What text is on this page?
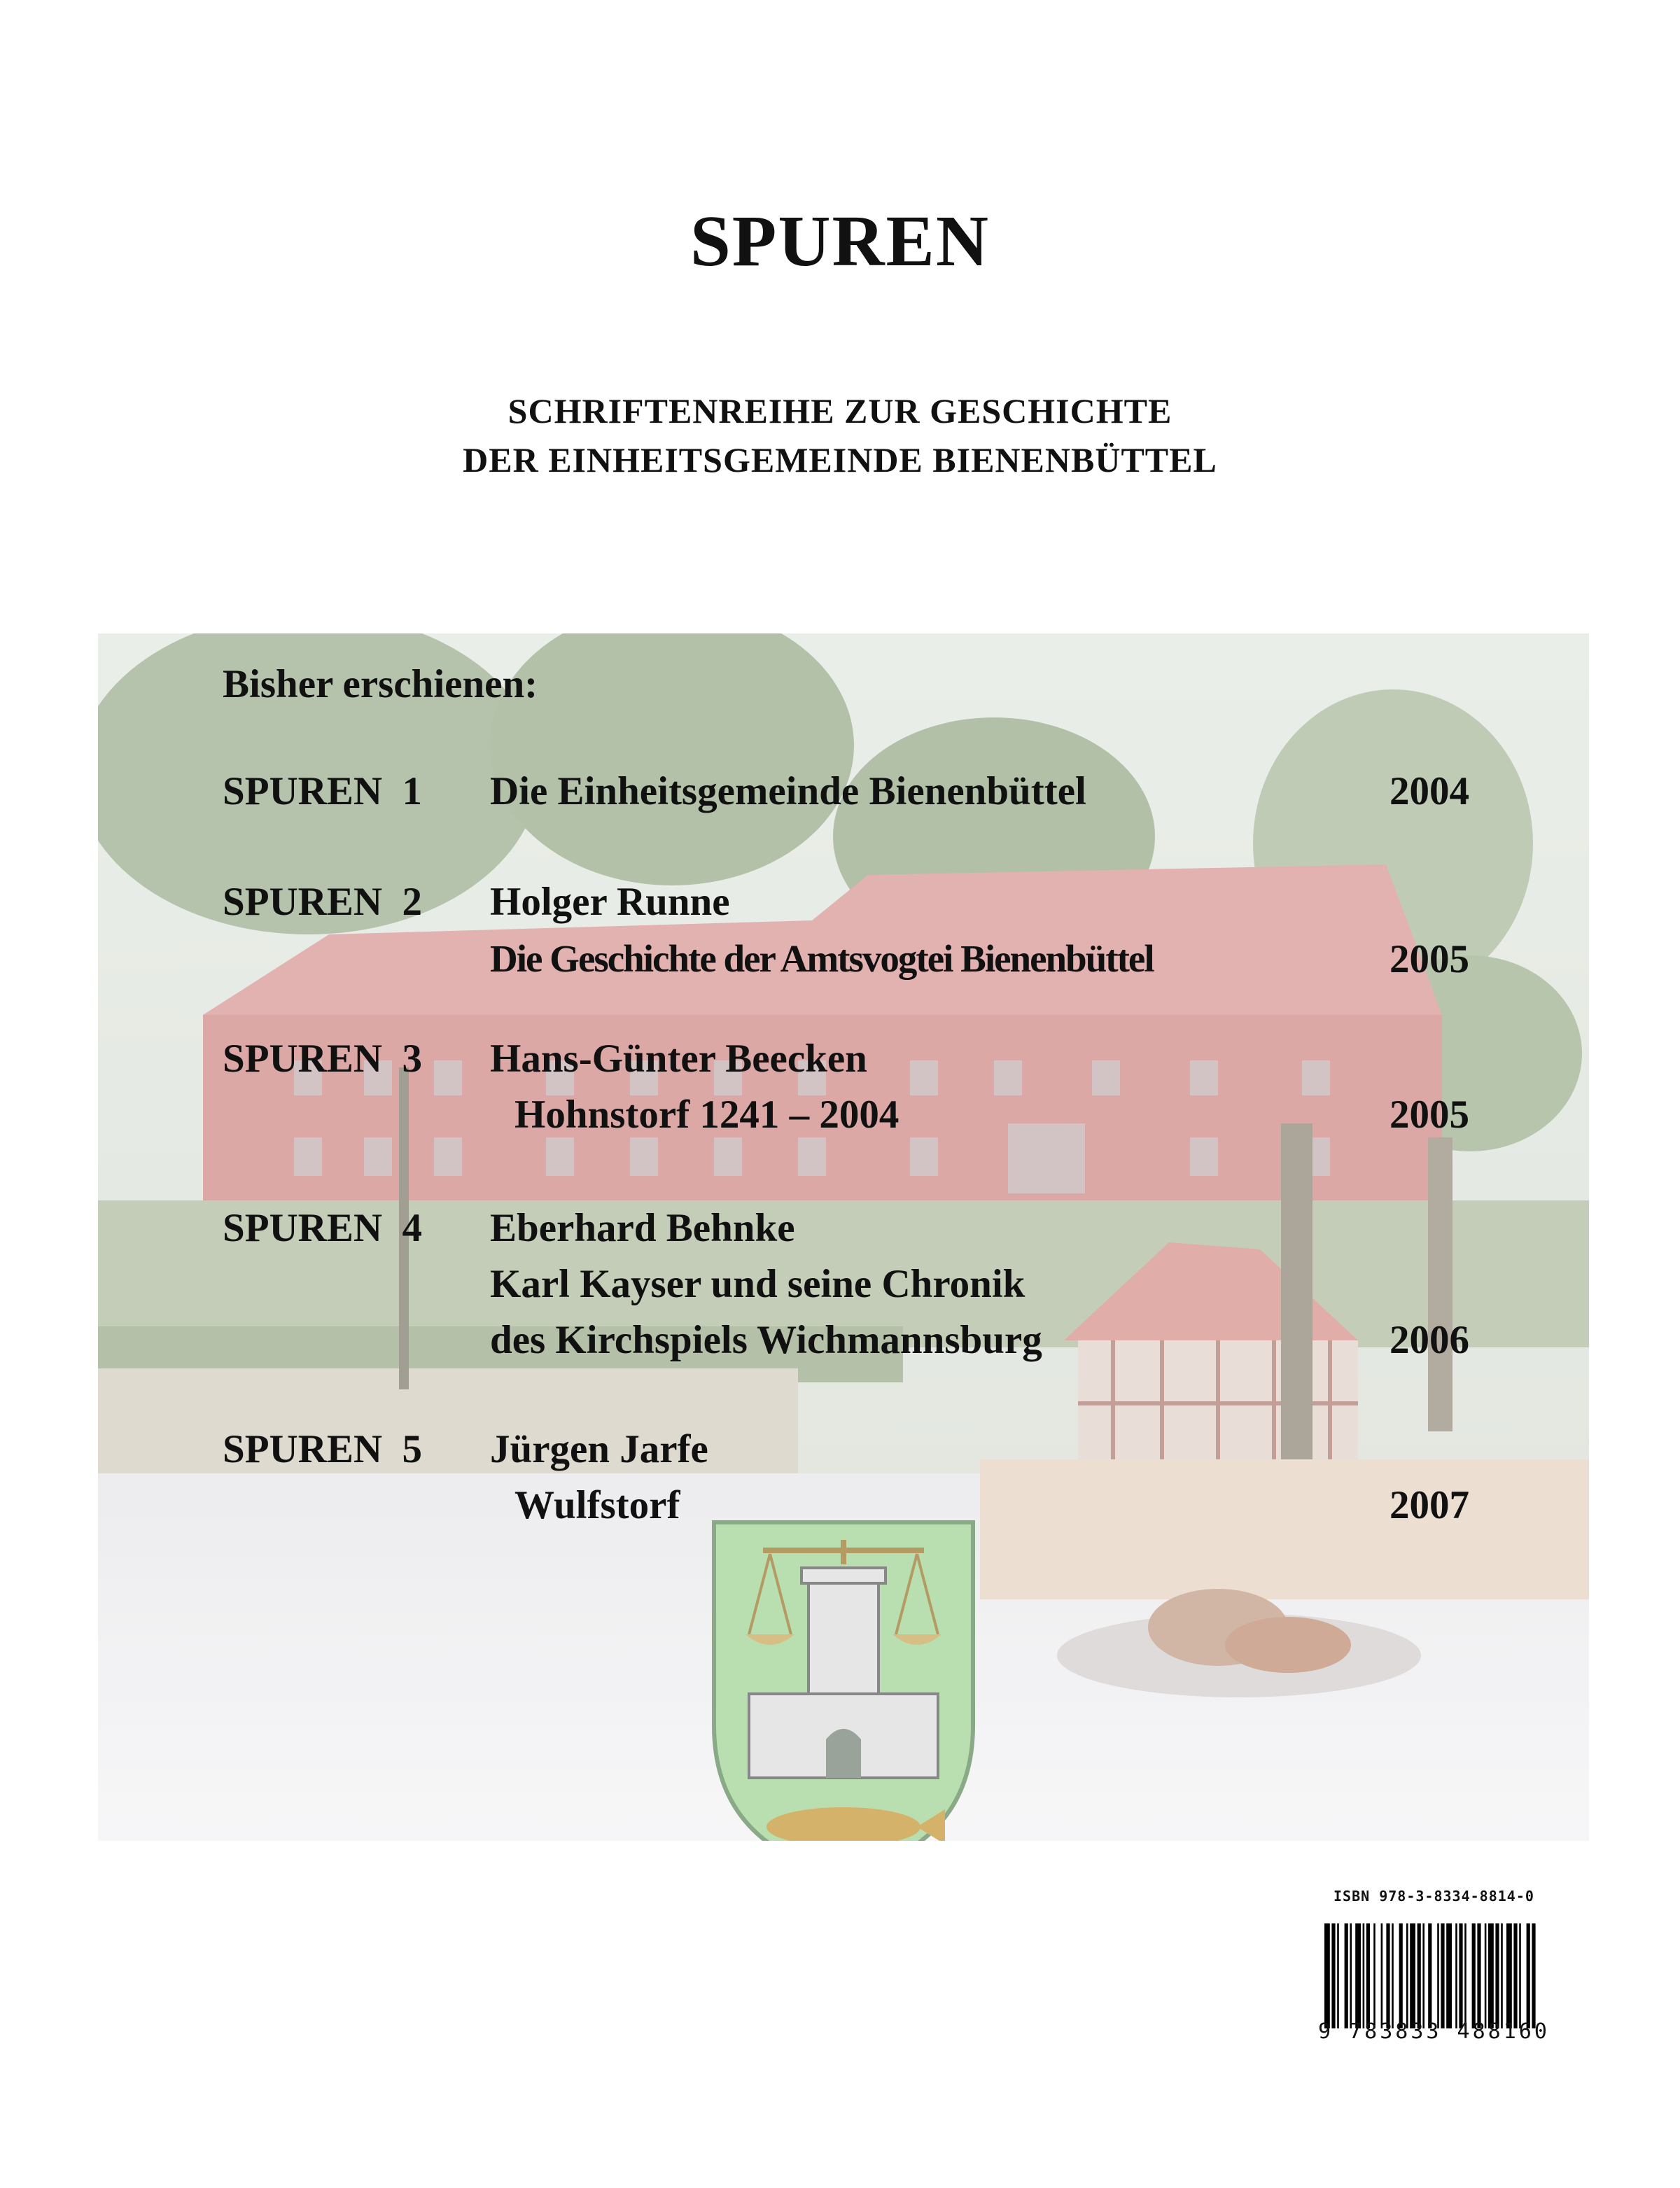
SPUREN
SCHRIFTENREIHE ZUR GESCHICHTE
DER EINHEITSGEMEINDE BIENENBÜTTEL
Bisher erschienen:
SPUREN  1 Die Einheitsgemeinde Bienenbüttel	2004
SPUREN  2 Holger Runne
Die Geschichte der Amtsvogtei Bienenbüttel	2005
SPUREN  3 Hans-Günter Beecken
Hohnstorf 1241 – 2004	2005
SPUREN  4 Eberhard Behnke
Karl Kayser und seine Chronik
des Kirchspiels Wichmannsburg	2006
SPUREN  5 Jürgen Jarfe
Wulfstorf	2007
ISBN 978-3-8334-8814-0
9 783833 488160
